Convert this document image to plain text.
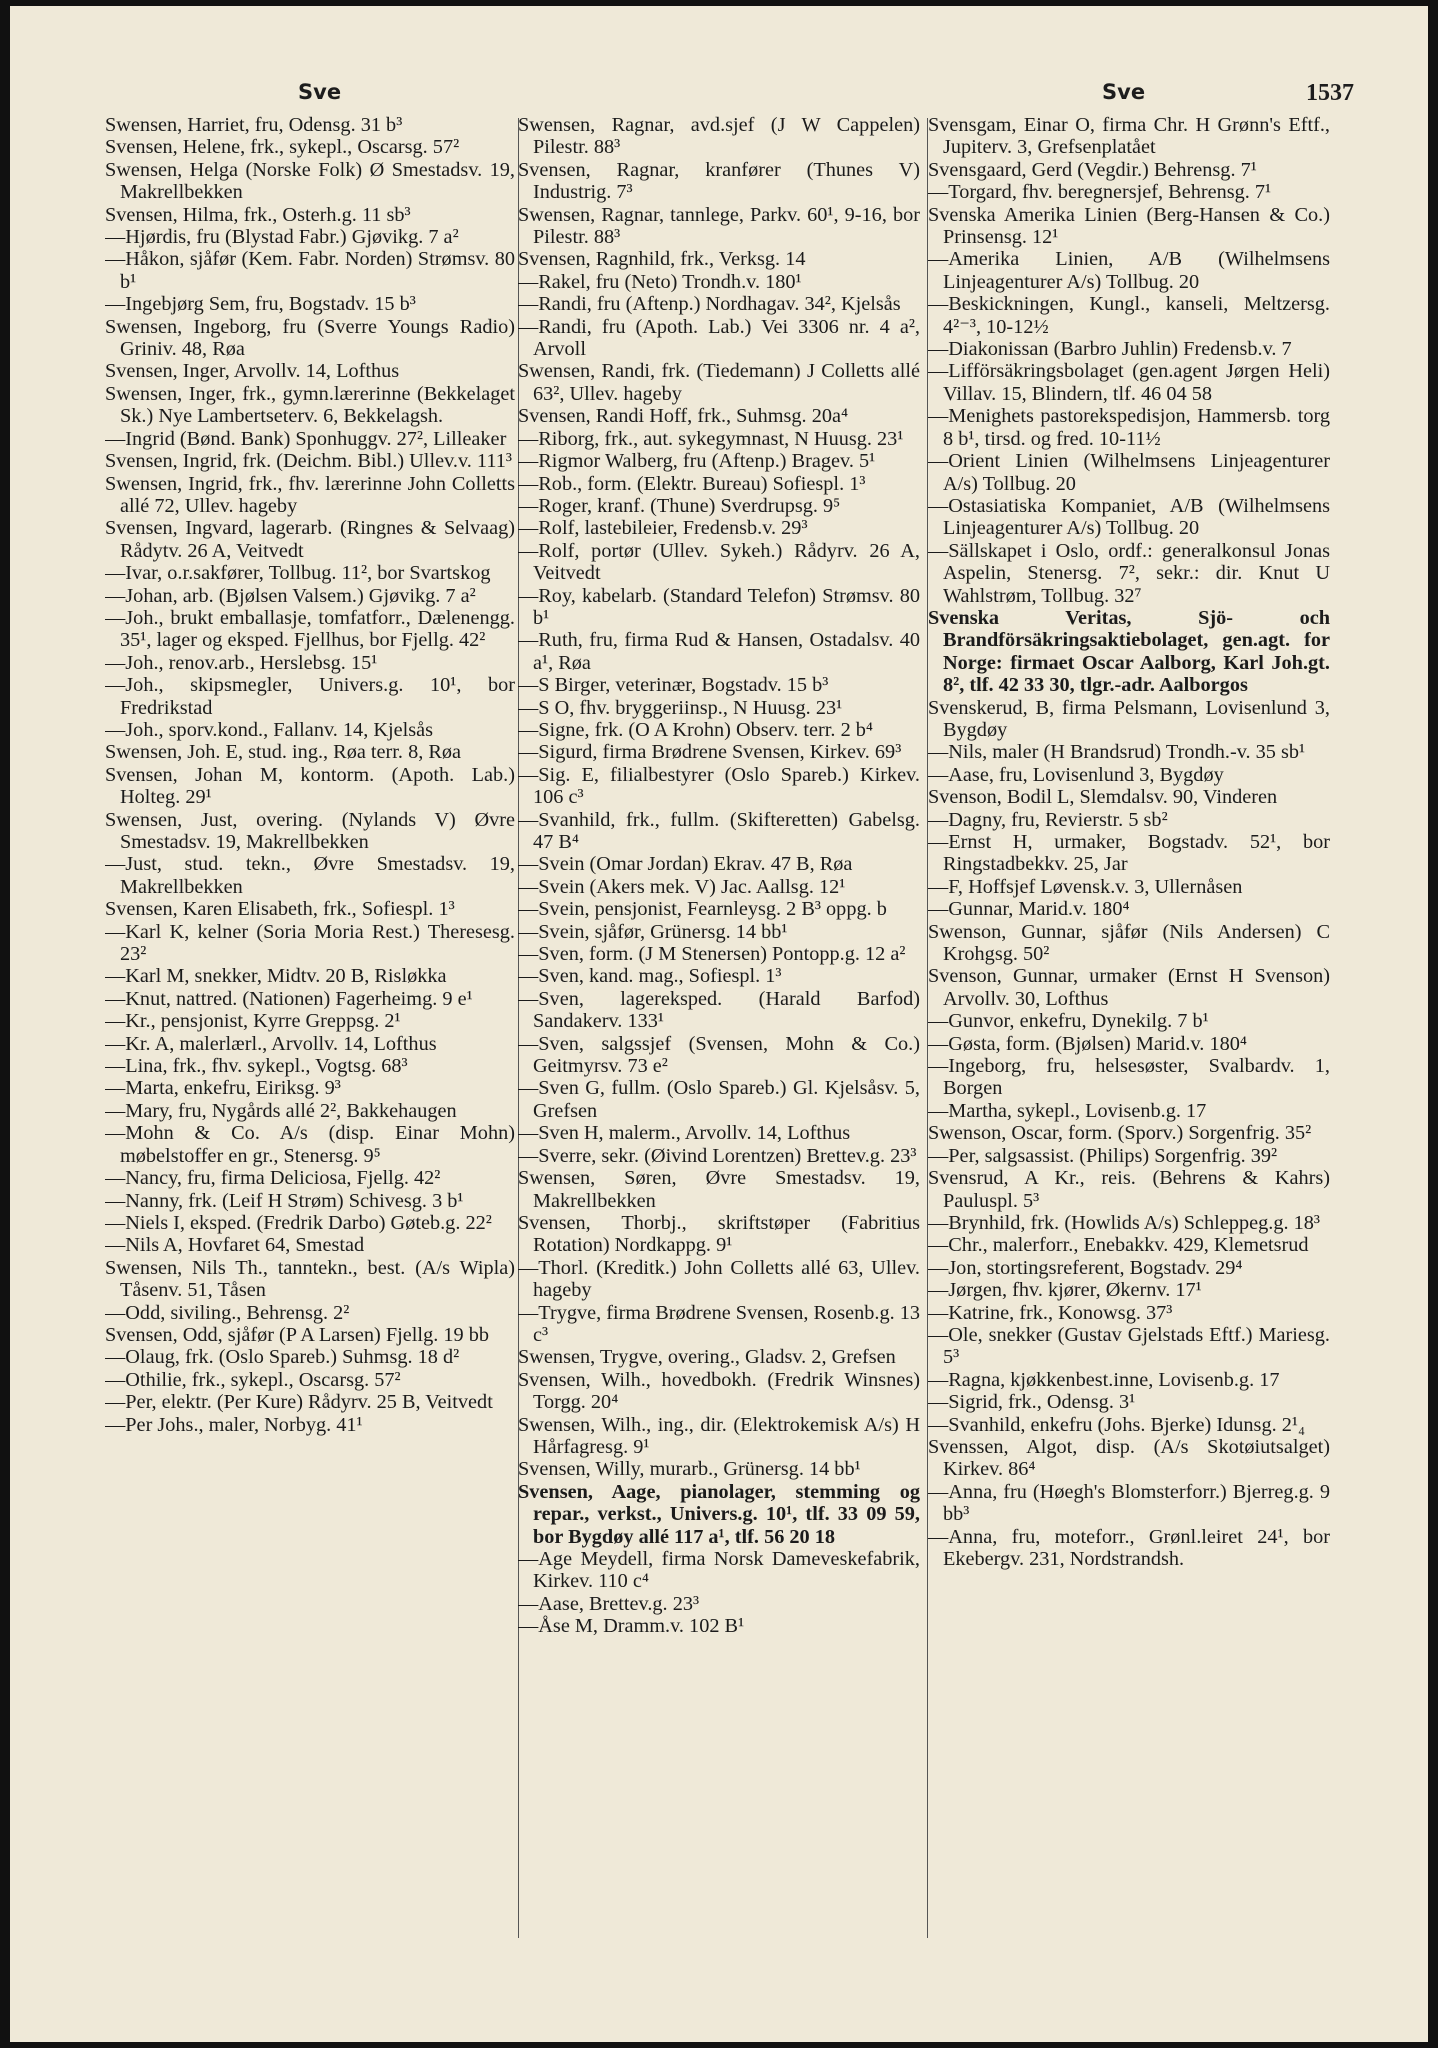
Sve	Sve	1537

Swensen, Harriet, fru, Odensg. 31 b³

Svensen, Helene, frk., sykepl., Oscarsg. 57²

Swensen, Helga (Norske Folk) Ø Smestadsv. 19, Makrellbekken

Svensen, Hilma, frk., Osterh.g. 11 sb³

—Hjørdis, fru (Blystad Fabr.) Gjøvikg. 7 a²

—Håkon, sjåfør (Kem. Fabr. Norden) Strømsv. 80 b¹

—Ingebjørg Sem, fru, Bogstadv. 15 b³

Swensen, Ingeborg, fru (Sverre Youngs Radio) Griniv. 48, Røa

Svensen, Inger, Arvollv. 14, Lofthus

Swensen, Inger, frk., gymn.lærerinne (Bekkelaget Sk.) Nye Lambertseterv. 6, Bekkelagsh.

—Ingrid (Bønd. Bank) Sponhuggv. 27², Lilleaker

Svensen, Ingrid, frk. (Deichm. Bibl.) Ullev.v. 111³

Swensen, Ingrid, frk., fhv. lærerinne John Colletts allé 72, Ullev. hageby

Svensen, Ingvard, lagerarb. (Ringnes & Selvaag) Rådytv. 26 A, Veitvedt

—Ivar, o.r.sakfører, Tollbug. 11², bor Svartskog

—Johan, arb. (Bjølsen Valsem.) Gjøvikg. 7 a²

—Joh., brukt emballasje, tomfatforr., Dælenengg. 35¹, lager og eksped. Fjellhus, bor Fjellg. 42²

—Joh., renov.arb., Herslebsg. 15¹

—Joh., skipsmegler, Univers.g. 10¹, bor Fredrikstad

—Joh., sporv.kond., Fallanv. 14, Kjelsås

Swensen, Joh. E, stud. ing., Røa terr. 8, Røa

Svensen, Johan M, kontorm. (Apoth. Lab.) Holteg. 29¹

Swensen, Just, overing. (Nylands V) Øvre Smestadsv. 19, Makrellbekken

—Just, stud. tekn., Øvre Smestadsv. 19, Makrellbekken

Svensen, Karen Elisabeth, frk., Sofiespl. 1³

—Karl K, kelner (Soria Moria Rest.) Theresesg. 23²

—Karl M, snekker, Midtv. 20 B, Risløkka

—Knut, nattred. (Nationen) Fagerheimg. 9 e¹

—Kr., pensjonist, Kyrre Greppsg. 2¹

—Kr. A, malerlærl., Arvollv. 14, Lofthus

—Lina, frk., fhv. sykepl., Vogtsg. 68³

—Marta, enkefru, Eiriksg. 9³

—Mary, fru, Nygårds allé 2², Bakkehaugen

—Mohn & Co. A/s (disp. Einar Mohn) møbelstoffer en gr., Stenersg. 9⁵

—Nancy, fru, firma Deliciosa, Fjellg. 42²

—Nanny, frk. (Leif H Strøm) Schivesg. 3 b¹

—Niels I, eksped. (Fredrik Darbo) Gøteb.g. 22²

—Nils A, Hovfaret 64, Smestad

Swensen, Nils Th., tanntekn., best. (A/s Wipla) Tåsenv. 51, Tåsen

—Odd, siviling., Behrensg. 2²

Svensen, Odd, sjåfør (P A Larsen) Fjellg. 19 bb

—Olaug, frk. (Oslo Spareb.) Suhmsg. 18 d²

—Othilie, frk., sykepl., Oscarsg. 57²

—Per, elektr. (Per Kure) Rådyrv. 25 B, Veitvedt

—Per Johs., maler, Norbyg. 41¹

Swensen, Ragnar, avd.sjef (J W Cappelen) Pilestr. 88³

Svensen, Ragnar, kranfører (Thunes V) Industrig. 7³

Swensen, Ragnar, tannlege, Parkv. 60¹, 9-16, bor Pilestr. 88³

Svensen, Ragnhild, frk., Verksg. 14

—Rakel, fru (Neto) Trondh.v. 180¹

—Randi, fru (Aftenp.) Nordhagav. 34², Kjelsås

—Randi, fru (Apoth. Lab.) Vei 3306 nr. 4 a², Arvoll

Swensen, Randi, frk. (Tiedemann) J Colletts allé 63², Ullev. hageby

Svensen, Randi Hoff, frk., Suhmsg. 20a⁴

—Riborg, frk., aut. sykegymnast, N Huusg. 23¹

—Rigmor Walberg, fru (Aftenp.) Bragev. 5¹

—Rob., form. (Elektr. Bureau) Sofiespl. 1³

—Roger, kranf. (Thune) Sverdrupsg. 9⁵

—Rolf, lastebileier, Fredensb.v. 29³

—Rolf, portør (Ullev. Sykeh.) Rådyrv. 26 A, Veitvedt

—Roy, kabelarb. (Standard Telefon) Strømsv. 80 b¹

—Ruth, fru, firma Rud & Hansen, Ostadalsv. 40 a¹, Røa

—S Birger, veterinær, Bogstadv. 15 b³

—S O, fhv. bryggeriinsp., N Huusg. 23¹

—Signe, frk. (O A Krohn) Observ. terr. 2 b⁴

—Sigurd, firma Brødrene Svensen, Kirkev. 69³

—Sig. E, filialbestyrer (Oslo Spareb.) Kirkev. 106 c³

—Svanhild, frk., fullm. (Skifteretten) Gabelsg. 47 B⁴

—Svein (Omar Jordan) Ekrav. 47 B, Røa

—Svein (Akers mek. V) Jac. Aallsg. 12¹

—Svein, pensjonist, Fearnleysg. 2 B³ oppg. b

—Svein, sjåfør, Grünersg. 14 bb¹

—Sven, form. (J M Stenersen) Pontopp.g. 12 a²

—Sven, kand. mag., Sofiespl. 1³

—Sven, lagereksped. (Harald Barfod) Sandakerv. 133¹

—Sven, salgssjef (Svensen, Mohn & Co.) Geitmyrsv. 73 e²

—Sven G, fullm. (Oslo Spareb.) Gl. Kjelsåsv. 5, Grefsen

—Sven H, malerm., Arvollv. 14, Lofthus

—Sverre, sekr. (Øivind Lorentzen) Brettev.g. 23³

Swensen, Søren, Øvre Smestadsv. 19, Makrellbekken

Svensen, Thorbj., skriftstøper (Fabritius Rotation) Nordkappg. 9¹

—Thorl. (Kreditk.) John Colletts allé 63, Ullev. hageby

—Trygve, firma Brødrene Svensen, Rosenb.g. 13 c³

Swensen, Trygve, overing., Gladsv. 2, Grefsen

Svensen, Wilh., hovedbokh. (Fredrik Winsnes) Torgg. 20⁴

Swensen, Wilh., ing., dir. (Elektrokemisk A/s) H Hårfagresg. 9¹

Svensen, Willy, murarb., Grünersg. 14 bb¹

Svensen, Aage, pianolager, stemming og repar., verkst., Univers.g. 10¹, tlf. 33 09 59, bor Bygdøy allé 117 a¹, tlf. 56 20 18

—Age Meydell, firma Norsk Dameveskefabrik, Kirkev. 110 c⁴

—Aase, Brettev.g. 23³

—Åse M, Dramm.v. 102 B¹

Svensgam, Einar O, firma Chr. H Grønn's Eftf., Jupiterv. 3, Grefsenplatået

Svensgaard, Gerd (Vegdir.) Behrensg. 7¹

—Torgard, fhv. beregnersjef, Behrensg. 7¹

Svenska Amerika Linien (Berg-Hansen & Co.) Prinsensg. 12¹

—Amerika Linien, A/B (Wilhelmsens Linjeagenturer A/s) Tollbug. 20

—Beskickningen, Kungl., kanseli, Meltzersg. 4²⁻³, 10-12½

—Diakonissan (Barbro Juhlin) Fredensb.v. 7

—Lifförsäkringsbolaget (gen.agent Jørgen Heli) Villav. 15, Blindern, tlf. 46 04 58

—Menighets pastorekspedisjon, Hammersb. torg 8 b¹, tirsd. og fred. 10-11½

—Orient Linien (Wilhelmsens Linjeagenturer A/s) Tollbug. 20

—Ostasiatiska Kompaniet, A/B (Wilhelmsens Linjeagenturer A/s) Tollbug. 20

—Sällskapet i Oslo, ordf.: generalkonsul Jonas Aspelin, Stenersg. 7², sekr.: dir. Knut U Wahlstrøm, Tollbug. 32⁷

Svenska Veritas, Sjö- och Brandförsäkringsaktiebolaget, gen.agt. for Norge: firmaet Oscar Aalborg, Karl Joh.gt. 8², tlf. 42 33 30, tlgr.-adr. Aalborgos

Svenskerud, B, firma Pelsmann, Lovisenlund 3, Bygdøy

—Nils, maler (H Brandsrud) Trondh.-v. 35 sb¹

—Aase, fru, Lovisenlund 3, Bygdøy

Svenson, Bodil L, Slemdalsv. 90, Vinderen

—Dagny, fru, Revierstr. 5 sb²

—Ernst H, urmaker, Bogstadv. 52¹, bor Ringstadbekkv. 25, Jar

—F, Hoffsjef Løvensk.v. 3, Ullernåsen

—Gunnar, Marid.v. 180⁴

Swenson, Gunnar, sjåfør (Nils Andersen) C Krohgsg. 50²

Svenson, Gunnar, urmaker (Ernst H Svenson) Arvollv. 30, Lofthus

—Gunvor, enkefru, Dynekilg. 7 b¹

—Gøsta, form. (Bjølsen) Marid.v. 180⁴

—Ingeborg, fru, helsesøster, Svalbardv. 1, Borgen

—Martha, sykepl., Lovisenb.g. 17

Swenson, Oscar, form. (Sporv.) Sorgenfrig. 35²

—Per, salgsassist. (Philips) Sorgenfrig. 39²

Svensrud, A Kr., reis. (Behrens & Kahrs) Pauluspl. 5³

—Brynhild, frk. (Howlids A/s) Schleppeg.g. 18³

—Chr., malerforr., Enebakkv. 429, Klemetsrud

—Jon, stortingsreferent, Bogstadv. 29⁴

—Jørgen, fhv. kjører, Økernv. 17¹

—Katrine, frk., Konowsg. 37³

—Ole, snekker (Gustav Gjelstads Eftf.) Mariesg. 5³

—Ragna, kjøkkenbest.inne, Lovisenb.g. 17

—Sigrid, frk., Odensg. 3¹

—Svanhild, enkefru (Johs. Bjerke) Idunsg. 2¹₄

Svenssen, Algot, disp. (A/s Skotøiutsalget) Kirkev. 86⁴

—Anna, fru (Høegh's Blomsterforr.) Bjerreg.g. 9 bb³

—Anna, fru, moteforr., Grønl.leiret 24¹, bor Ekebergv. 231, Nordstrandsh.
